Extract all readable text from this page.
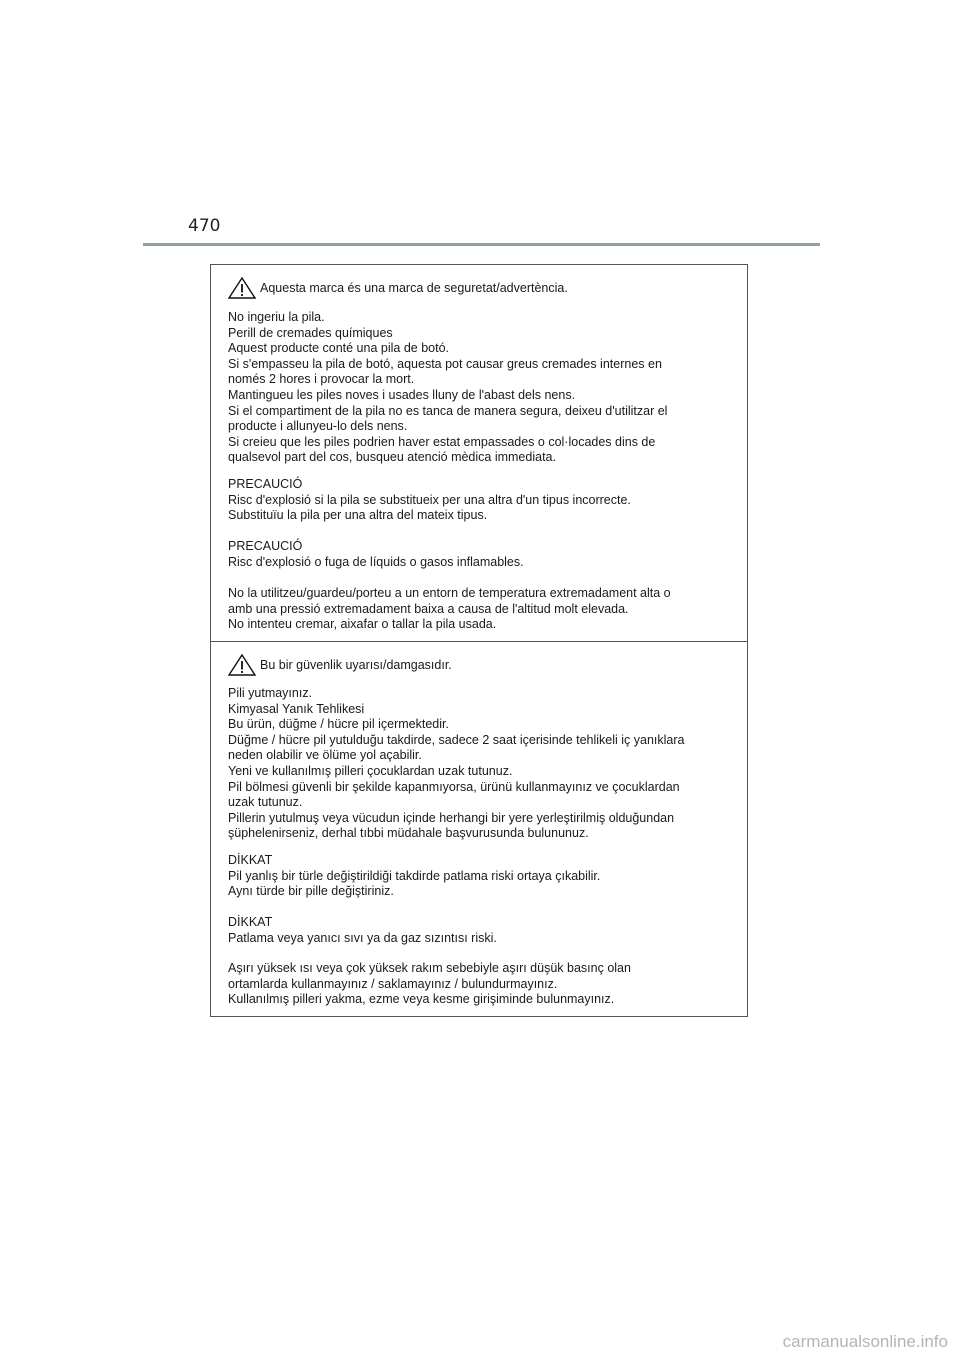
470
Aquesta marca és una marca de seguretat/advertència.
No ingeriu la pila.
Perill de cremades químiques
Aquest producte conté una pila de botó.
Si s'empasseu la pila de botó, aquesta pot causar greus cremades internes en
només 2 hores i provocar la mort.
Mantingueu les piles noves i usades lluny de l'abast dels nens.
Si el compartiment de la pila no es tanca de manera segura, deixeu d'utilitzar el
producte i allunyeu-lo dels nens.
Si creieu que les piles podrien haver estat empassades o col·locades dins de
qualsevol part del cos, busqueu atenció mèdica immediata.
PRECAUCIÓ
Risc d'explosió si la pila se substitueix per una altra d'un tipus incorrecte.
Substituïu la pila per una altra del mateix tipus.
PRECAUCIÓ
Risc d'explosió o fuga de líquids o gasos inflamables.
No la utilitzeu/guardeu/porteu a un entorn de temperatura extremadament alta o
amb una pressió extremadament baixa a causa de l'altitud molt elevada.
No intenteu cremar, aixafar o tallar la pila usada.
Bu bir güvenlik uyarısı/damgasıdır.
Pili yutmayınız.
Kimyasal Yanık Tehlikesi
Bu ürün, düğme / hücre pil içermektedir.
Düğme / hücre pil yutulduğu takdirde, sadece 2 saat içerisinde tehlikeli iç yanıklara
neden olabilir ve ölüme yol açabilir.
Yeni ve kullanılmış pilleri çocuklardan uzak tutunuz.
Pil bölmesi güvenli bir şekilde kapanmıyorsa, ürünü kullanmayınız ve çocuklardan
uzak tutunuz.
Pillerin yutulmuş veya vücudun içinde herhangi bir yere yerleştirilmiş olduğundan
şüphelenirseniz, derhal tıbbi müdahale başvurusunda bulununuz.
DİKKAT
Pil yanlış bir türle değiştirildiği takdirde patlama riski ortaya çıkabilir.
Aynı türde bir pille değiştiriniz.
DİKKAT
Patlama veya yanıcı sıvı ya da gaz sızıntısı riski.
Aşırı yüksek ısı veya çok yüksek rakım sebebiyle aşırı düşük basınç olan
ortamlarda kullanmayınız / saklamayınız / bulundurmayınız.
Kullanılmış pilleri yakma, ezme veya kesme girişiminde bulunmayınız.
carmanualsonline.info
